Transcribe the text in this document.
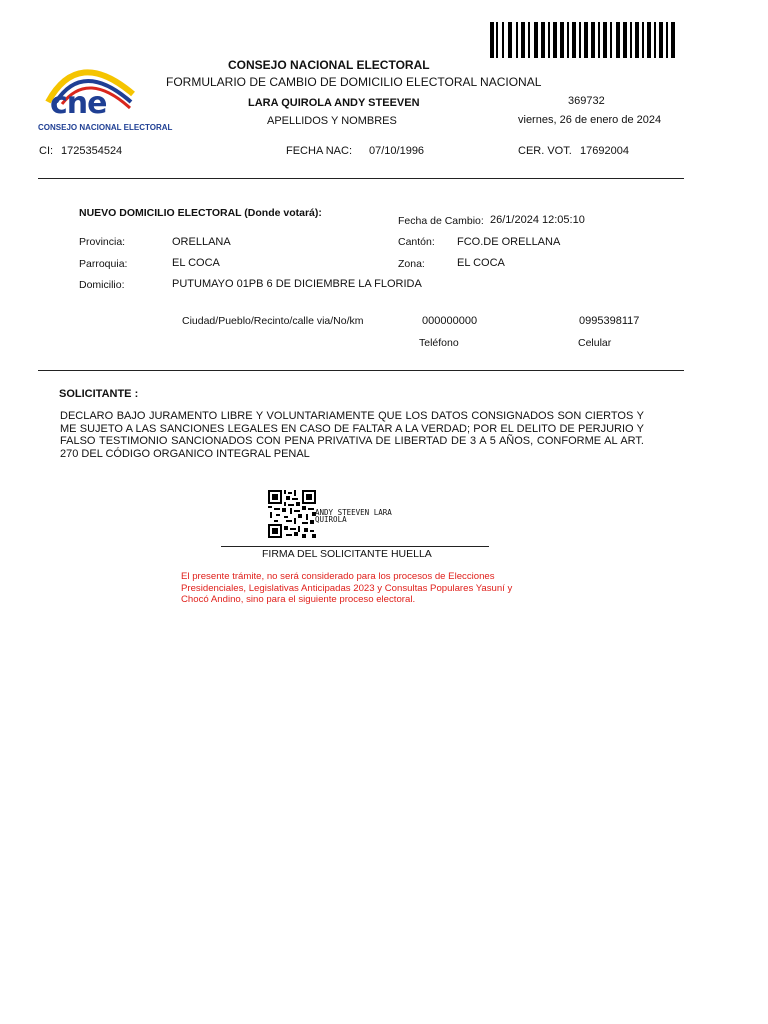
cne
CONSEJO NACIONAL ELECTORAL
CONSEJO NACIONAL ELECTORAL
FORMULARIO DE CAMBIO DE DOMICILIO ELECTORAL NACIONAL
LARA QUIROLA ANDY STEEVEN
APELLIDOS Y NOMBRES
369732
viernes, 26 de enero de 2024
CI: 1725354524	FECHA NAC: 07/10/1996	CER. VOT. 17692004
NUEVO DOMICILIO ELECTORAL (Donde votará):
Fecha de Cambio: 26/1/2024 12:05:10
Provincia:	ORELLANA	Cantón: FCO.DE ORELLANA
Parroquia:	EL COCA	Zona:	EL COCA
Domicilio:	PUTUMAYO 01PB 6 DE DICIEMBRE LA FLORIDA
Ciudad/Pueblo/Recinto/calle via/No/km	000000000	0995398117
Teléfono	Celular
SOLICITANTE :
DECLARO BAJO JURAMENTO LIBRE Y VOLUNTARIAMENTE QUE LOS DATOS CONSIGNADOS SON CIERTOS Y ME SUJETO A LAS SANCIONES LEGALES EN CASO DE FALTAR A LA VERDAD; POR EL DELITO DE PERJURIO Y FALSO TESTIMONIO SANCIONADOS CON PENA PRIVATIVA DE LIBERTAD DE 3 A 5 AÑOS, CONFORME AL ART. 270 DEL CÓDIGO ORGANICO INTEGRAL PENAL
ANDY STEEVEN LARA
QUIROLA
FIRMA DEL SOLICITANTE HUELLA
El presente trámite, no será considerado para los procesos de Elecciones Presidenciales, Legislativas Anticipadas 2023 y Consultas Populares Yasuní y Chocó Andino, sino para el siguiente proceso electoral.
